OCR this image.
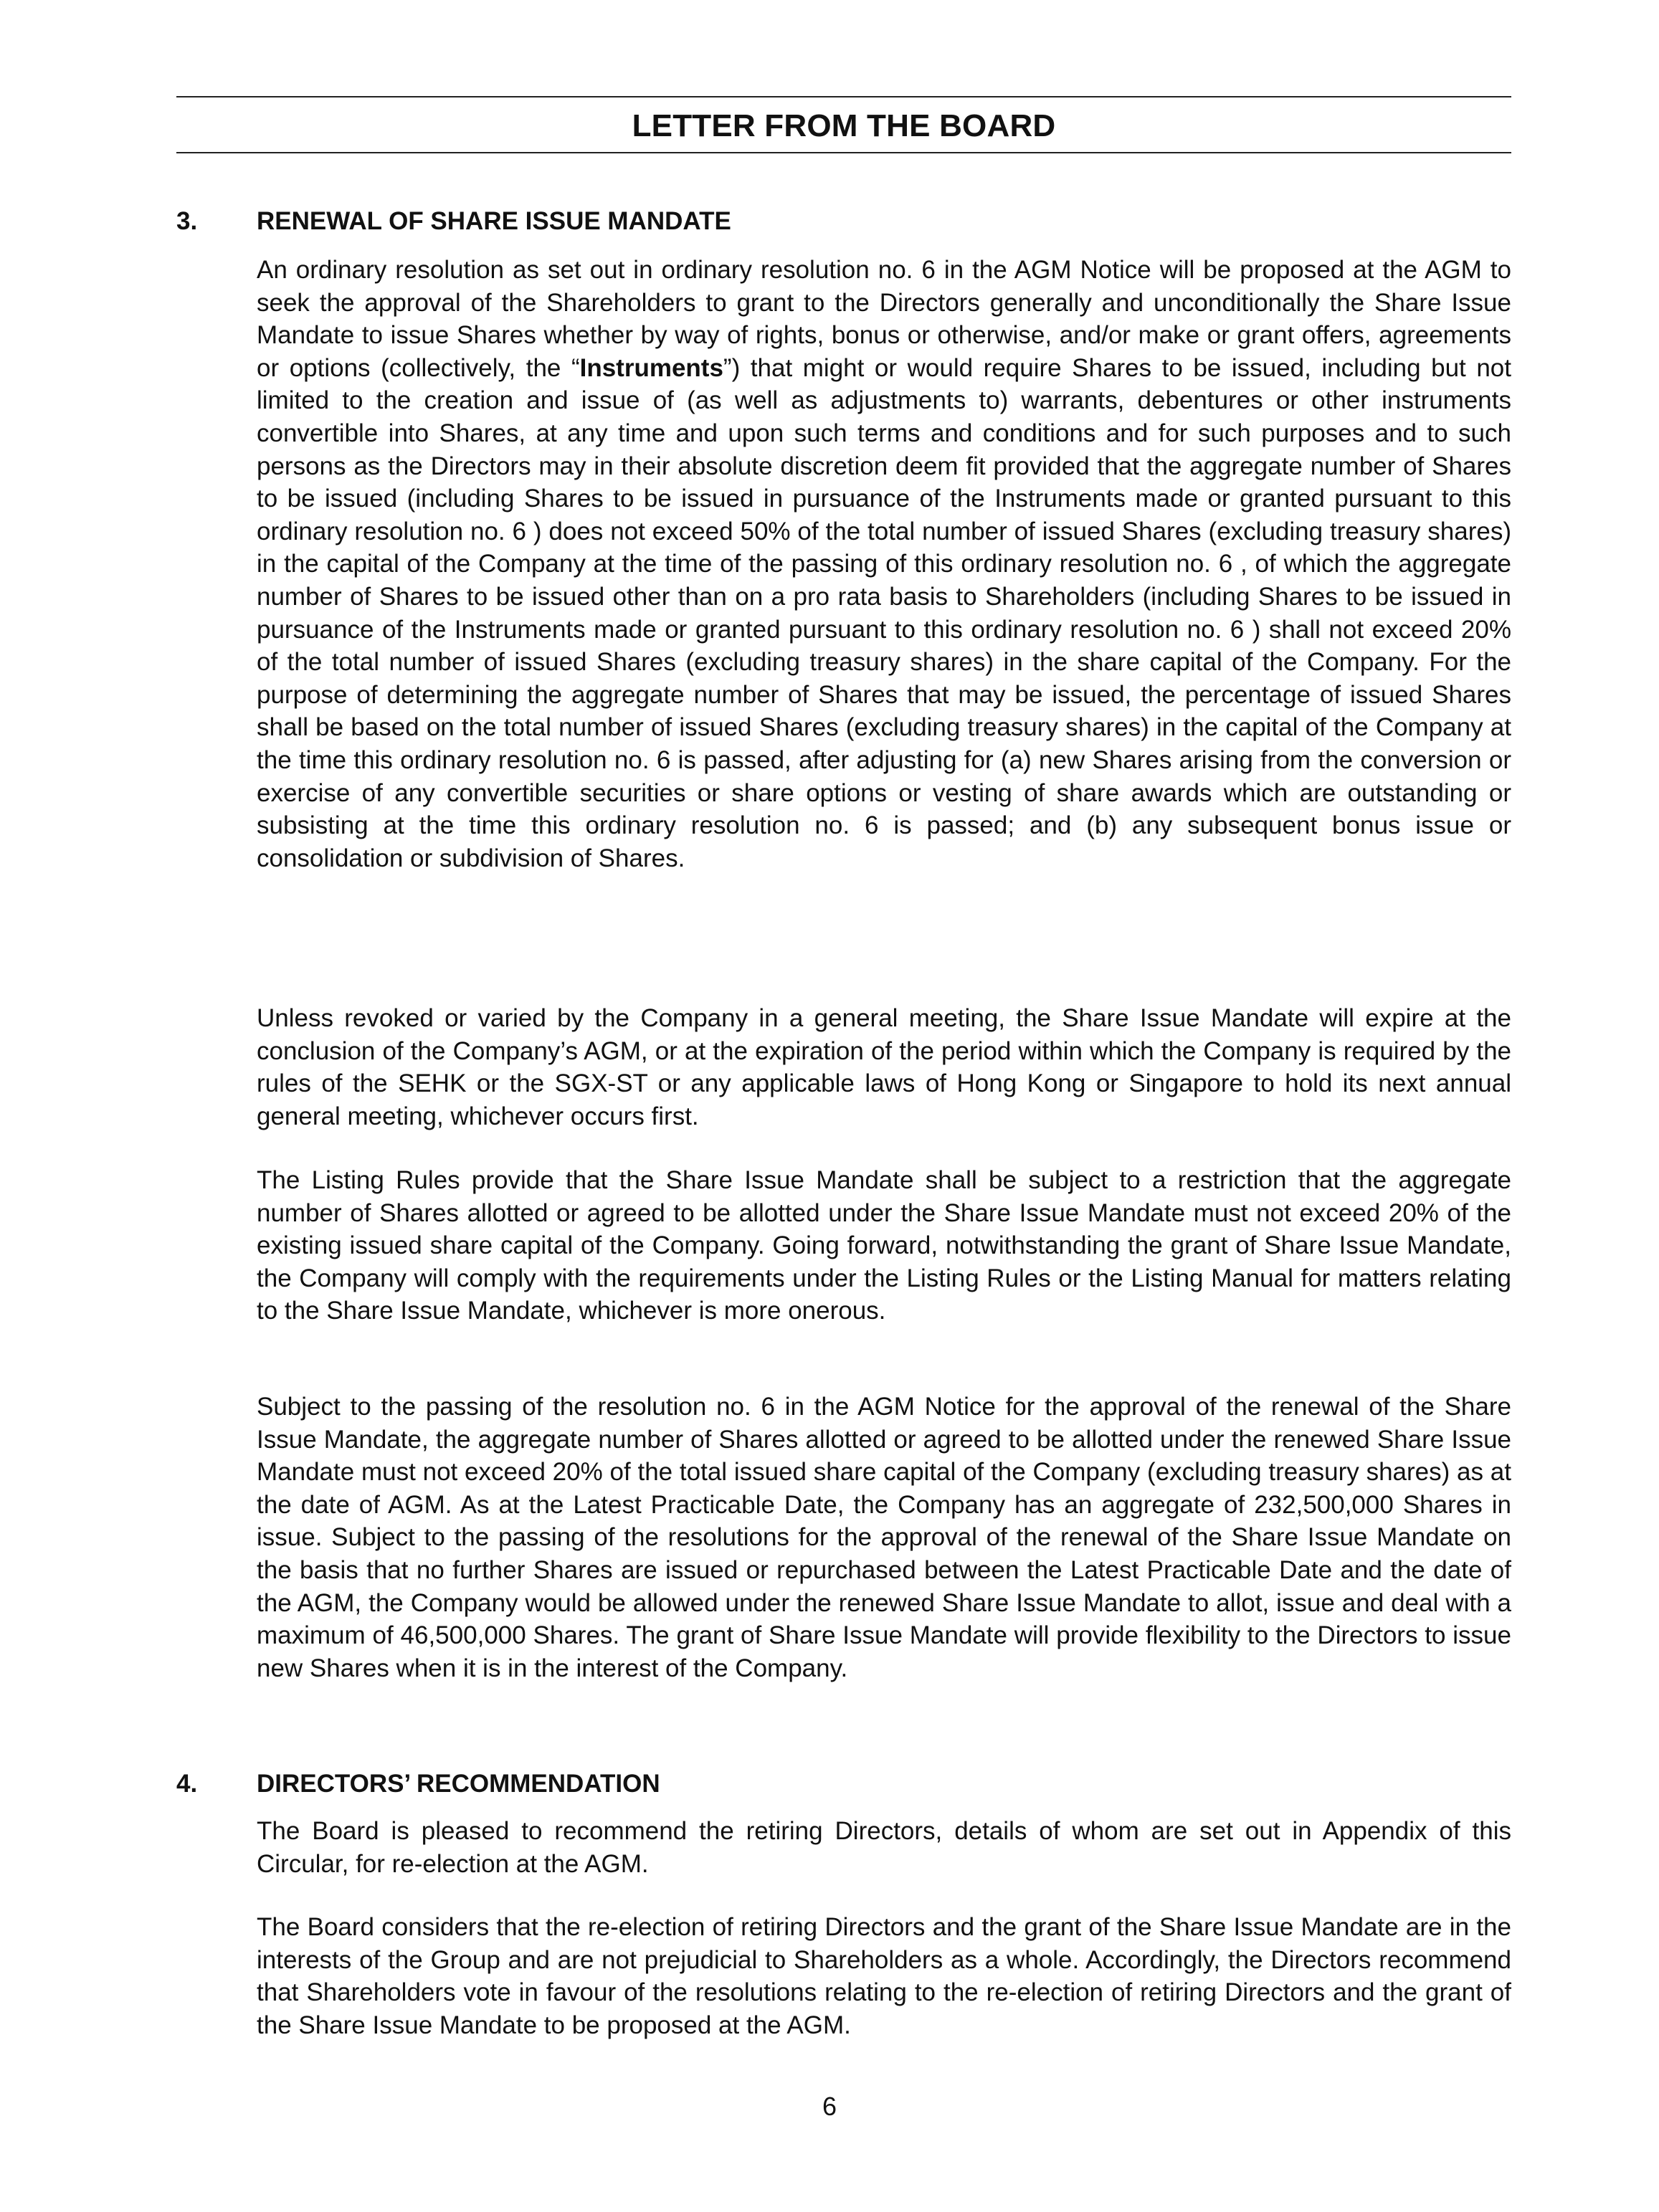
LETTER FROM THE BOARD
3. RENEWAL OF SHARE ISSUE MANDATE

An ordinary resolution as set out in ordinary resolution no. 6 in the AGM Notice will be proposed at the AGM to seek the approval of the Shareholders to grant to the Directors generally and unconditionally the Share Issue Mandate to issue Shares whether by way of rights, bonus or otherwise, and/or make or grant offers, agreements or options (collectively, the “Instruments”) that might or would require Shares to be issued, including but not limited to the creation and issue of (as well as adjustments to) warrants, debentures or other instruments convertible into Shares, at any time and upon such terms and conditions and for such purposes and to such persons as the Directors may in their absolute discretion deem fit provided that the aggregate number of Shares to be issued (including Shares to be issued in pursuance of the Instruments made or granted pursuant to this ordinary resolution no. 6 ) does not exceed 50% of the total number of issued Shares (excluding treasury shares) in the capital of the Company at the time of the passing of this ordinary resolution no. 6 , of which the aggregate number of Shares to be issued other than on a pro rata basis to Shareholders (including Shares to be issued in pursuance of the Instruments made or granted pursuant to this ordinary resolution no. 6 ) shall not exceed 20% of the total number of issued Shares (excluding treasury shares) in the share capital of the Company. For the purpose of determining the aggregate number of Shares that may be issued, the percentage of issued Shares shall be based on the total number of issued Shares (excluding treasury shares) in the capital of the Company at the time this ordinary resolution no. 6 is passed, after adjusting for (a) new Shares arising from the conversion or exercise of any convertible securities or share options or vesting of share awards which are outstanding or subsisting at the time this ordinary resolution no. 6 is passed; and (b) any subsequent bonus issue or consolidation or subdivision of Shares.

Unless revoked or varied by the Company in a general meeting, the Share Issue Mandate will expire at the conclusion of the Company’s AGM, or at the expiration of the period within which the Company is required by the rules of the SEHK or the SGX-ST or any applicable laws of Hong Kong or Singapore to hold its next annual general meeting, whichever occurs first.

The Listing Rules provide that the Share Issue Mandate shall be subject to a restriction that the aggregate number of Shares allotted or agreed to be allotted under the Share Issue Mandate must not exceed 20% of the existing issued share capital of the Company. Going forward, notwithstanding the grant of Share Issue Mandate, the Company will comply with the requirements under the Listing Rules or the Listing Manual for matters relating to the Share Issue Mandate, whichever is more onerous.

Subject to the passing of the resolution no. 6 in the AGM Notice for the approval of the renewal of the Share Issue Mandate, the aggregate number of Shares allotted or agreed to be allotted under the renewed Share Issue Mandate must not exceed 20% of the total issued share capital of the Company (excluding treasury shares) as at the date of AGM. As at the Latest Practicable Date, the Company has an aggregate of 232,500,000 Shares in issue. Subject to the passing of the resolutions for the approval of the renewal of the Share Issue Mandate on the basis that no further Shares are issued or repurchased between the Latest Practicable Date and the date of the AGM, the Company would be allowed under the renewed Share Issue Mandate to allot, issue and deal with a maximum of 46,500,000 Shares. The grant of Share Issue Mandate will provide flexibility to the Directors to issue new Shares when it is in the interest of the Company.

4. DIRECTORS’ RECOMMENDATION

The Board is pleased to recommend the retiring Directors, details of whom are set out in Appendix of this Circular, for re-election at the AGM.

The Board considers that the re-election of retiring Directors and the grant of the Share Issue Mandate are in the interests of the Group and are not prejudicial to Shareholders as a whole. Accordingly, the Directors recommend that Shareholders vote in favour of the resolutions relating to the re-election of retiring Directors and the grant of the Share Issue Mandate to be proposed at the AGM.

6
